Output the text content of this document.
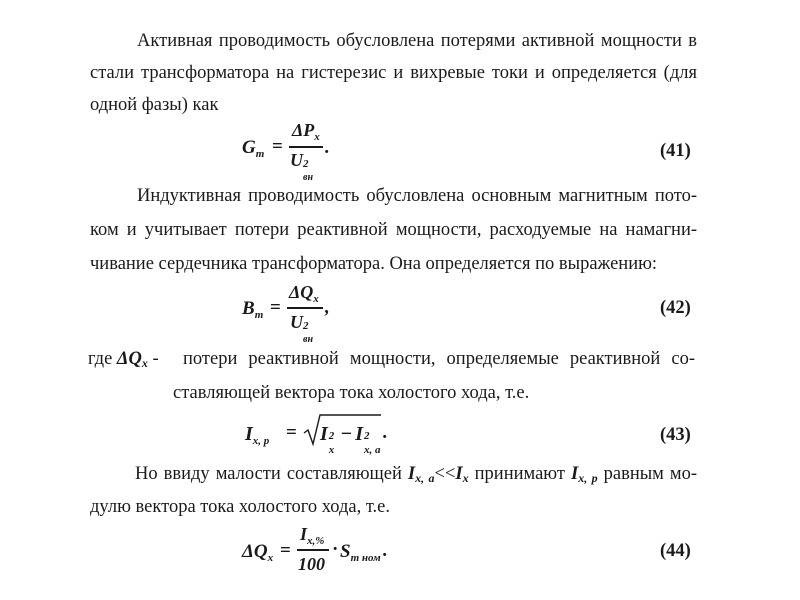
Активная проводимость обусловлена потерями активной мощности в
стали трансформатора на гистерезис и вихревые токи и определяется (для
одной фазы) как
$G_т$ =
$\Delta P_x$
U 2
вн
.	(41)
Индуктивная проводимость обусловлена основным магнитным пото-
ком и учитывает потери реактивной мощности, расходуемые на намагни-
чивание сердечника трансформатора. Она определяется по выражению:
$B_т$ =
$\Delta Q_x$
U 2
вн
,	(42)
где ΔQx - потери реактивной мощности, определяемые реактивной со-
ставляющей вектора тока холостого хода, т.е.
$I_{x, p} = I$ 2
x
− I 2
x, a
.	(43)
Но ввиду малости составляющей Ix, a<<Ix принимают Ix, p равным мо-
дулю вектора тока холостого хода, т.е.
$\Delta Q_x$ =
$I_{x,\%}$
100
· $S_{т ном}$ .	(44)
